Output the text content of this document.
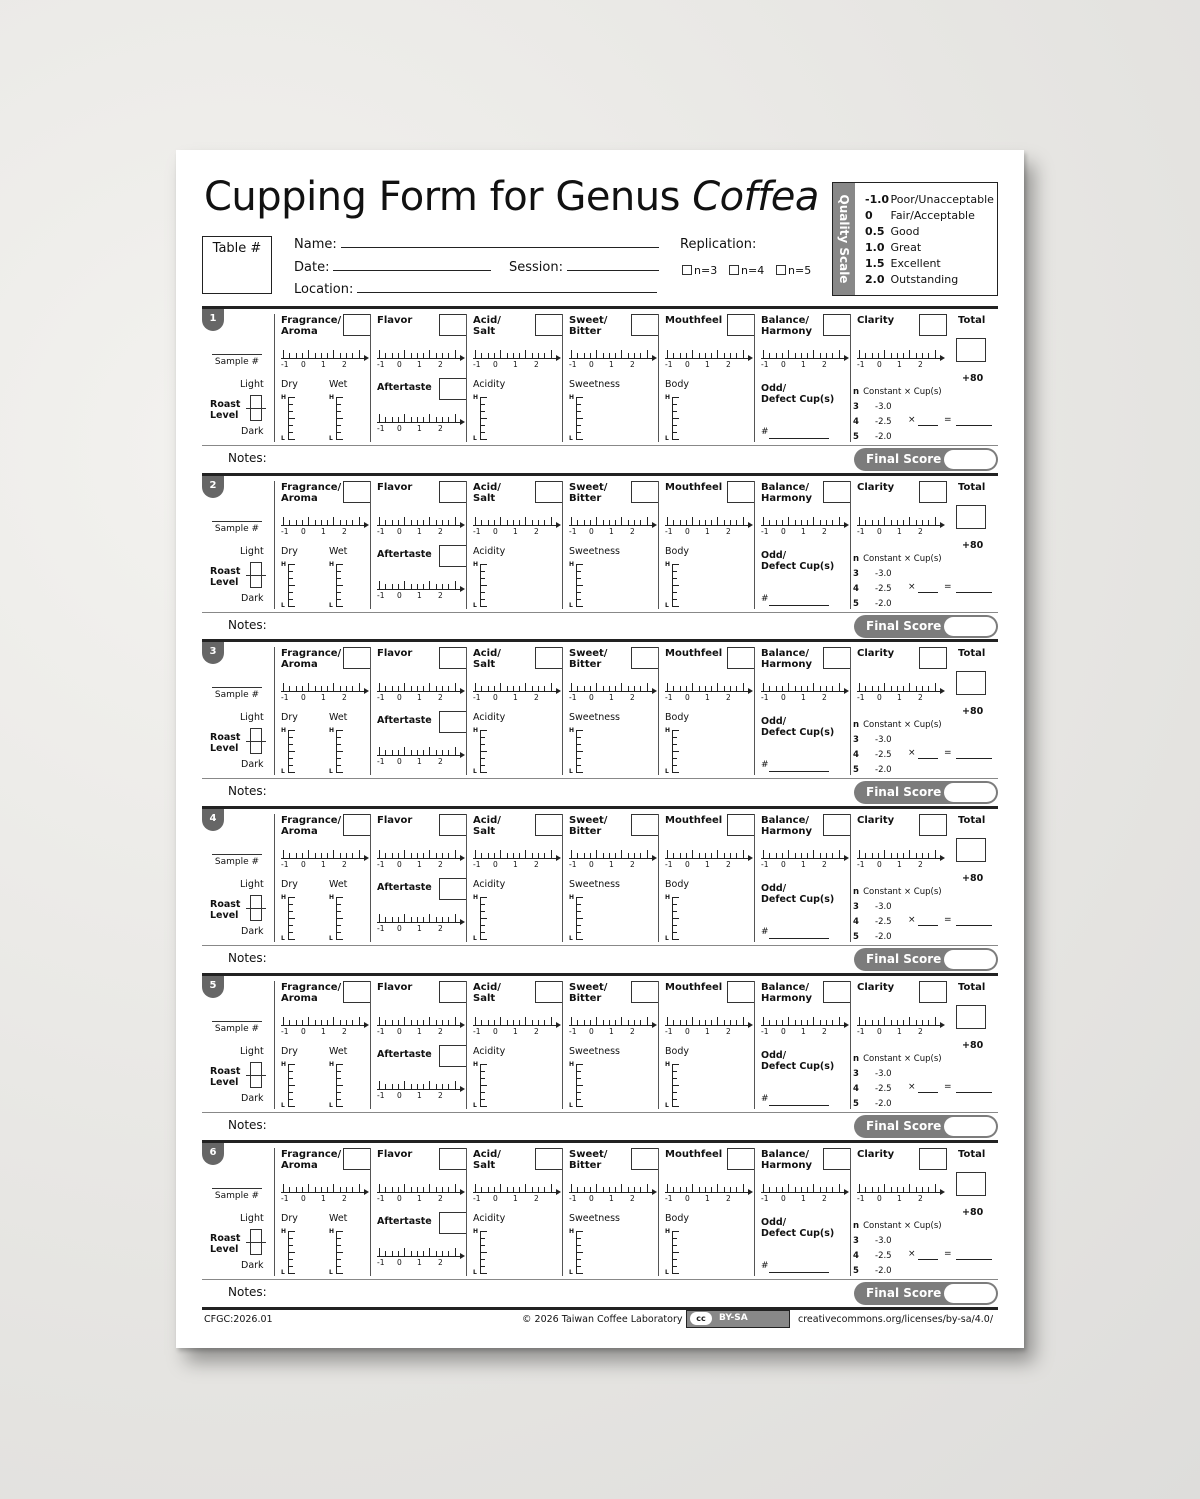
Cupping Form for Genus Coffea
Table #	Name:
Date:	Session:
Location:
Replication:
n=3	n=4	n=5 Quality Scale -1.0 Poor/Unacceptable
0 Fair/Acceptable
0.5 Good
1.0 Great
1.5 Excellent
2.0 Outstanding
1
Sample #
Light
Roast
Level
Dark
Fragrance/
Aroma
-1 0 1 2
Dry	Wet
H
L
H
L
Flavor

-1 0 1 2
Aftertaste
-1 0 1 2
Acid/
Salt
-1 0 1 2
Acidity
H
L
Sweet/
Bitter
-1 0 1 2
Sweetness
H
L
Mouthfeel

-1 0 1 2
Body
H
L
Balance/
Harmony
-1 0 1 2
Odd/
Defect Cup(s)
#
n Constant × Cup(s)
3 -3.0
4 -2.5
5 -2.0
×	=
Clarity

-1 0 1 2
Total
+80
Notes:	Final Score
2
Sample #
Light
Roast
Level
Dark
Fragrance/
Aroma
-1 0 1 2
Dry	Wet
H
L
H
L
Flavor

-1 0 1 2
Aftertaste
-1 0 1 2
Acid/
Salt
-1 0 1 2
Acidity
H
L
Sweet/
Bitter
-1 0 1 2
Sweetness
H
L
Mouthfeel

-1 0 1 2
Body
H
L
Balance/
Harmony
-1 0 1 2
Odd/
Defect Cup(s)
#
n Constant × Cup(s)
3 -3.0
4 -2.5
5 -2.0
×	=
Clarity

-1 0 1 2
Total
+80
Notes:	Final Score
3
Sample #
Light
Roast
Level
Dark
Fragrance/
Aroma
-1 0 1 2
Dry	Wet
H
L
H
L
Flavor

-1 0 1 2
Aftertaste
-1 0 1 2
Acid/
Salt
-1 0 1 2
Acidity
H
L
Sweet/
Bitter
-1 0 1 2
Sweetness
H
L
Mouthfeel

-1 0 1 2
Body
H
L
Balance/
Harmony
-1 0 1 2
Odd/
Defect Cup(s)
#
n Constant × Cup(s)
3 -3.0
4 -2.5
5 -2.0
×	=
Clarity

-1 0 1 2
Total
+80
Notes:	Final Score
4
Sample #
Light
Roast
Level
Dark
Fragrance/
Aroma
-1 0 1 2
Dry	Wet
H
L
H
L
Flavor

-1 0 1 2
Aftertaste
-1 0 1 2
Acid/
Salt
-1 0 1 2
Acidity
H
L
Sweet/
Bitter
-1 0 1 2
Sweetness
H
L
Mouthfeel

-1 0 1 2
Body
H
L
Balance/
Harmony
-1 0 1 2
Odd/
Defect Cup(s)
#
n Constant × Cup(s)
3 -3.0
4 -2.5
5 -2.0
×	=
Clarity

-1 0 1 2
Total
+80
Notes:	Final Score
5
Sample #
Light
Roast
Level
Dark
Fragrance/
Aroma
-1 0 1 2
Dry	Wet
H
L
H
L
Flavor

-1 0 1 2
Aftertaste
-1 0 1 2
Acid/
Salt
-1 0 1 2
Acidity
H
L
Sweet/
Bitter
-1 0 1 2
Sweetness
H
L
Mouthfeel

-1 0 1 2
Body
H
L
Balance/
Harmony
-1 0 1 2
Odd/
Defect Cup(s)
#
n Constant × Cup(s)
3 -3.0
4 -2.5
5 -2.0
×	=
Clarity

-1 0 1 2
Total
+80
Notes:	Final Score
6
Sample #
Light
Roast
Level
Dark
Fragrance/
Aroma
-1 0 1 2
Dry	Wet
H
L
H
L
Flavor

-1 0 1 2
Aftertaste
-1 0 1 2
Acid/
Salt
-1 0 1 2
Acidity
H
L
Sweet/
Bitter
-1 0 1 2
Sweetness
H
L
Mouthfeel

-1 0 1 2
Body
H
L
Balance/
Harmony
-1 0 1 2
Odd/
Defect Cup(s)
#
n Constant × Cup(s)
3 -3.0
4 -2.5
5 -2.0
×	=
Clarity

-1 0 1 2
Total
+80
Notes:	Final Score
CFGC:2026.01	© 2026 Taiwan Coffee Laboratory	cc	BY-SA	creativecommons.org/licenses/by-sa/4.0/
